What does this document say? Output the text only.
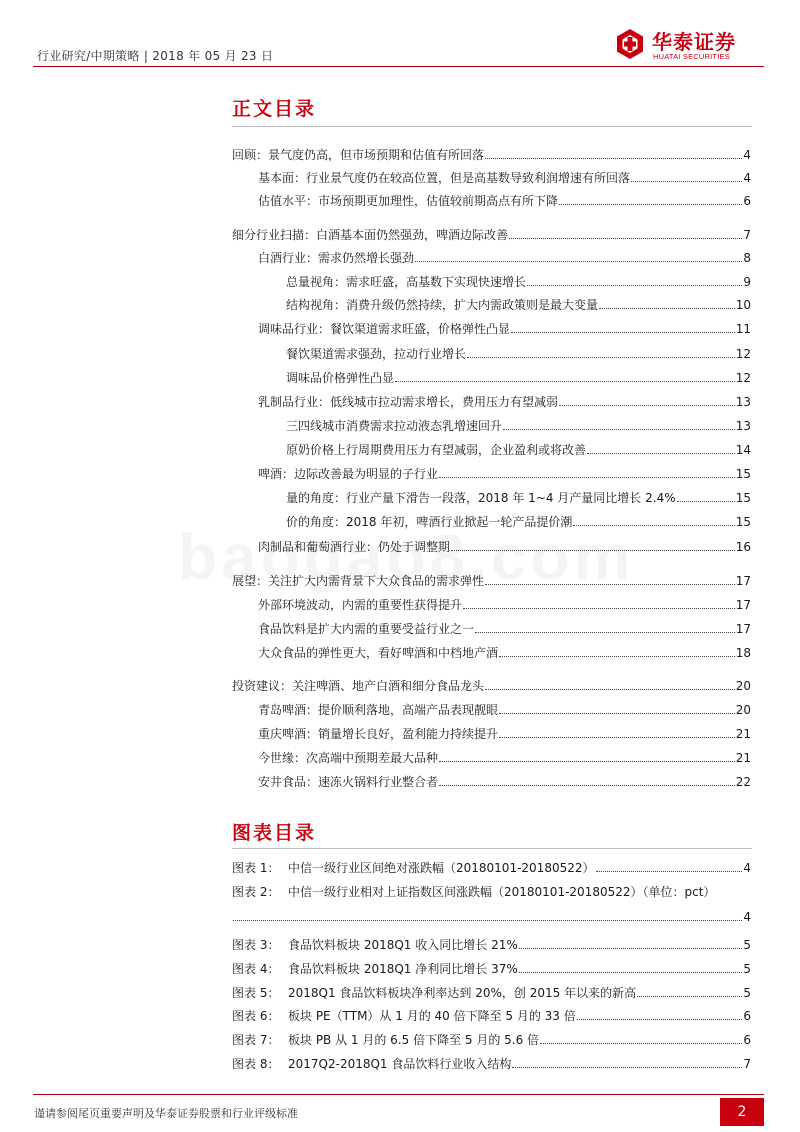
行业研究/中期策略 | 2018 年 05 月 23 日
华泰证券
HUATAI SECURITIES
正文目录
回顾：景气度仍高，但市场预期和估值有所回落	4
基本面：行业景气度仍在较高位置，但是高基数导致利润增速有所回落	4
估值水平：市场预期更加理性，估值较前期高点有所下降	6
细分行业扫描：白酒基本面仍然强劲，啤酒边际改善	7
白酒行业：需求仍然增长强劲	8
总量视角：需求旺盛，高基数下实现快速增长	9
结构视角：消费升级仍然持续，扩大内需政策则是最大变量	10
调味品行业：餐饮渠道需求旺盛，价格弹性凸显	11
餐饮渠道需求强劲，拉动行业增长	12
调味品价格弹性凸显	12
乳制品行业：低线城市拉动需求增长，费用压力有望减弱	13
三四线城市消费需求拉动液态乳增速回升	13
原奶价格上行周期费用压力有望减弱，企业盈利或将改善	14
啤酒：边际改善最为明显的子行业	15
量的角度：行业产量下滑告一段落，2018 年 1~4 月产量同比增长 2.4%	15
价的角度：2018 年初，啤酒行业掀起一轮产品提价潮	15
肉制品和葡萄酒行业：仍处于调整期	16
展望：关注扩大内需背景下大众食品的需求弹性	17
外部环境波动，内需的重要性获得提升	17
食品饮料是扩大内需的重要受益行业之一	17
大众食品的弹性更大，看好啤酒和中档地产酒	18
投资建议：关注啤酒、地产白酒和细分食品龙头	20
青岛啤酒：提价顺利落地，高端产品表现靓眼	20
重庆啤酒：销量增长良好，盈利能力持续提升	21
今世缘：次高端中预期差最大品种	21
安井食品：速冻火锅料行业整合者	22
图表目录
图表 1： 中信一级行业区间绝对涨跌幅（20180101-20180522）	4
图表 2： 中信一级行业相对上证指数区间涨跌幅（20180101-20180522）（单位：pct）
4
图表 3： 食品饮料板块 2018Q1 收入同比增长 21%	5
图表 4： 食品饮料板块 2018Q1 净利同比增长 37%	5
图表 5： 2018Q1 食品饮料板块净利率达到 20%，创 2015 年以来的新高	5
图表 6： 板块 PE（TTM）从 1 月的 40 倍下降至 5 月的 33 倍	6
图表 7： 板块 PB 从 1 月的 6.5 倍下降至 5 月的 5.6 倍	6
图表 8： 2017Q2-2018Q1 食品饮料行业收入结构	7
谨请参阅尾页重要声明及华泰证券股票和行业评级标准	2
